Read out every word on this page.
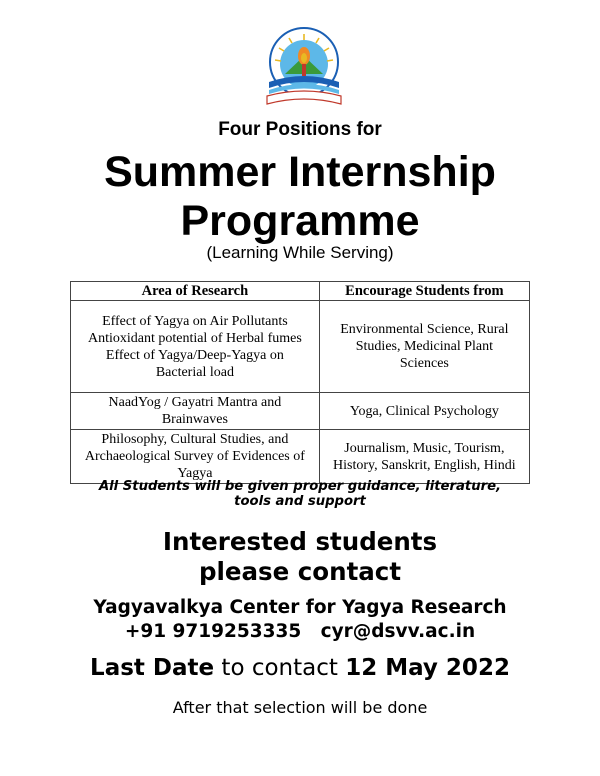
Four Positions for
Summer Internship
Programme
(Learning While Serving)
Area of Research	Encourage Students from

Effect of Yagya on Air Pollutants
Antioxidant potential of Herbal fumes
Effect of Yagya/Deep-Yagya on
Bacterial load	Environmental Science, Rural Studies, Medicinal Plant Sciences

NaadYog / Gayatri Mantra and
Brainwaves	Yoga, Clinical Psychology

Philosophy, Cultural Studies, and
Archaeological Survey of Evidences of
Yagya	Journalism, Music, Tourism, History, Sanskrit, English, Hindi
All Students will be given proper guidance, literature,
tools and support
Interested students
please contact
Yagyavalkya Center for Yagya Research
+91 9719253335 cyr@dsvv.ac.in
Last Date to contact 12 May 2022
After that selection will be done
